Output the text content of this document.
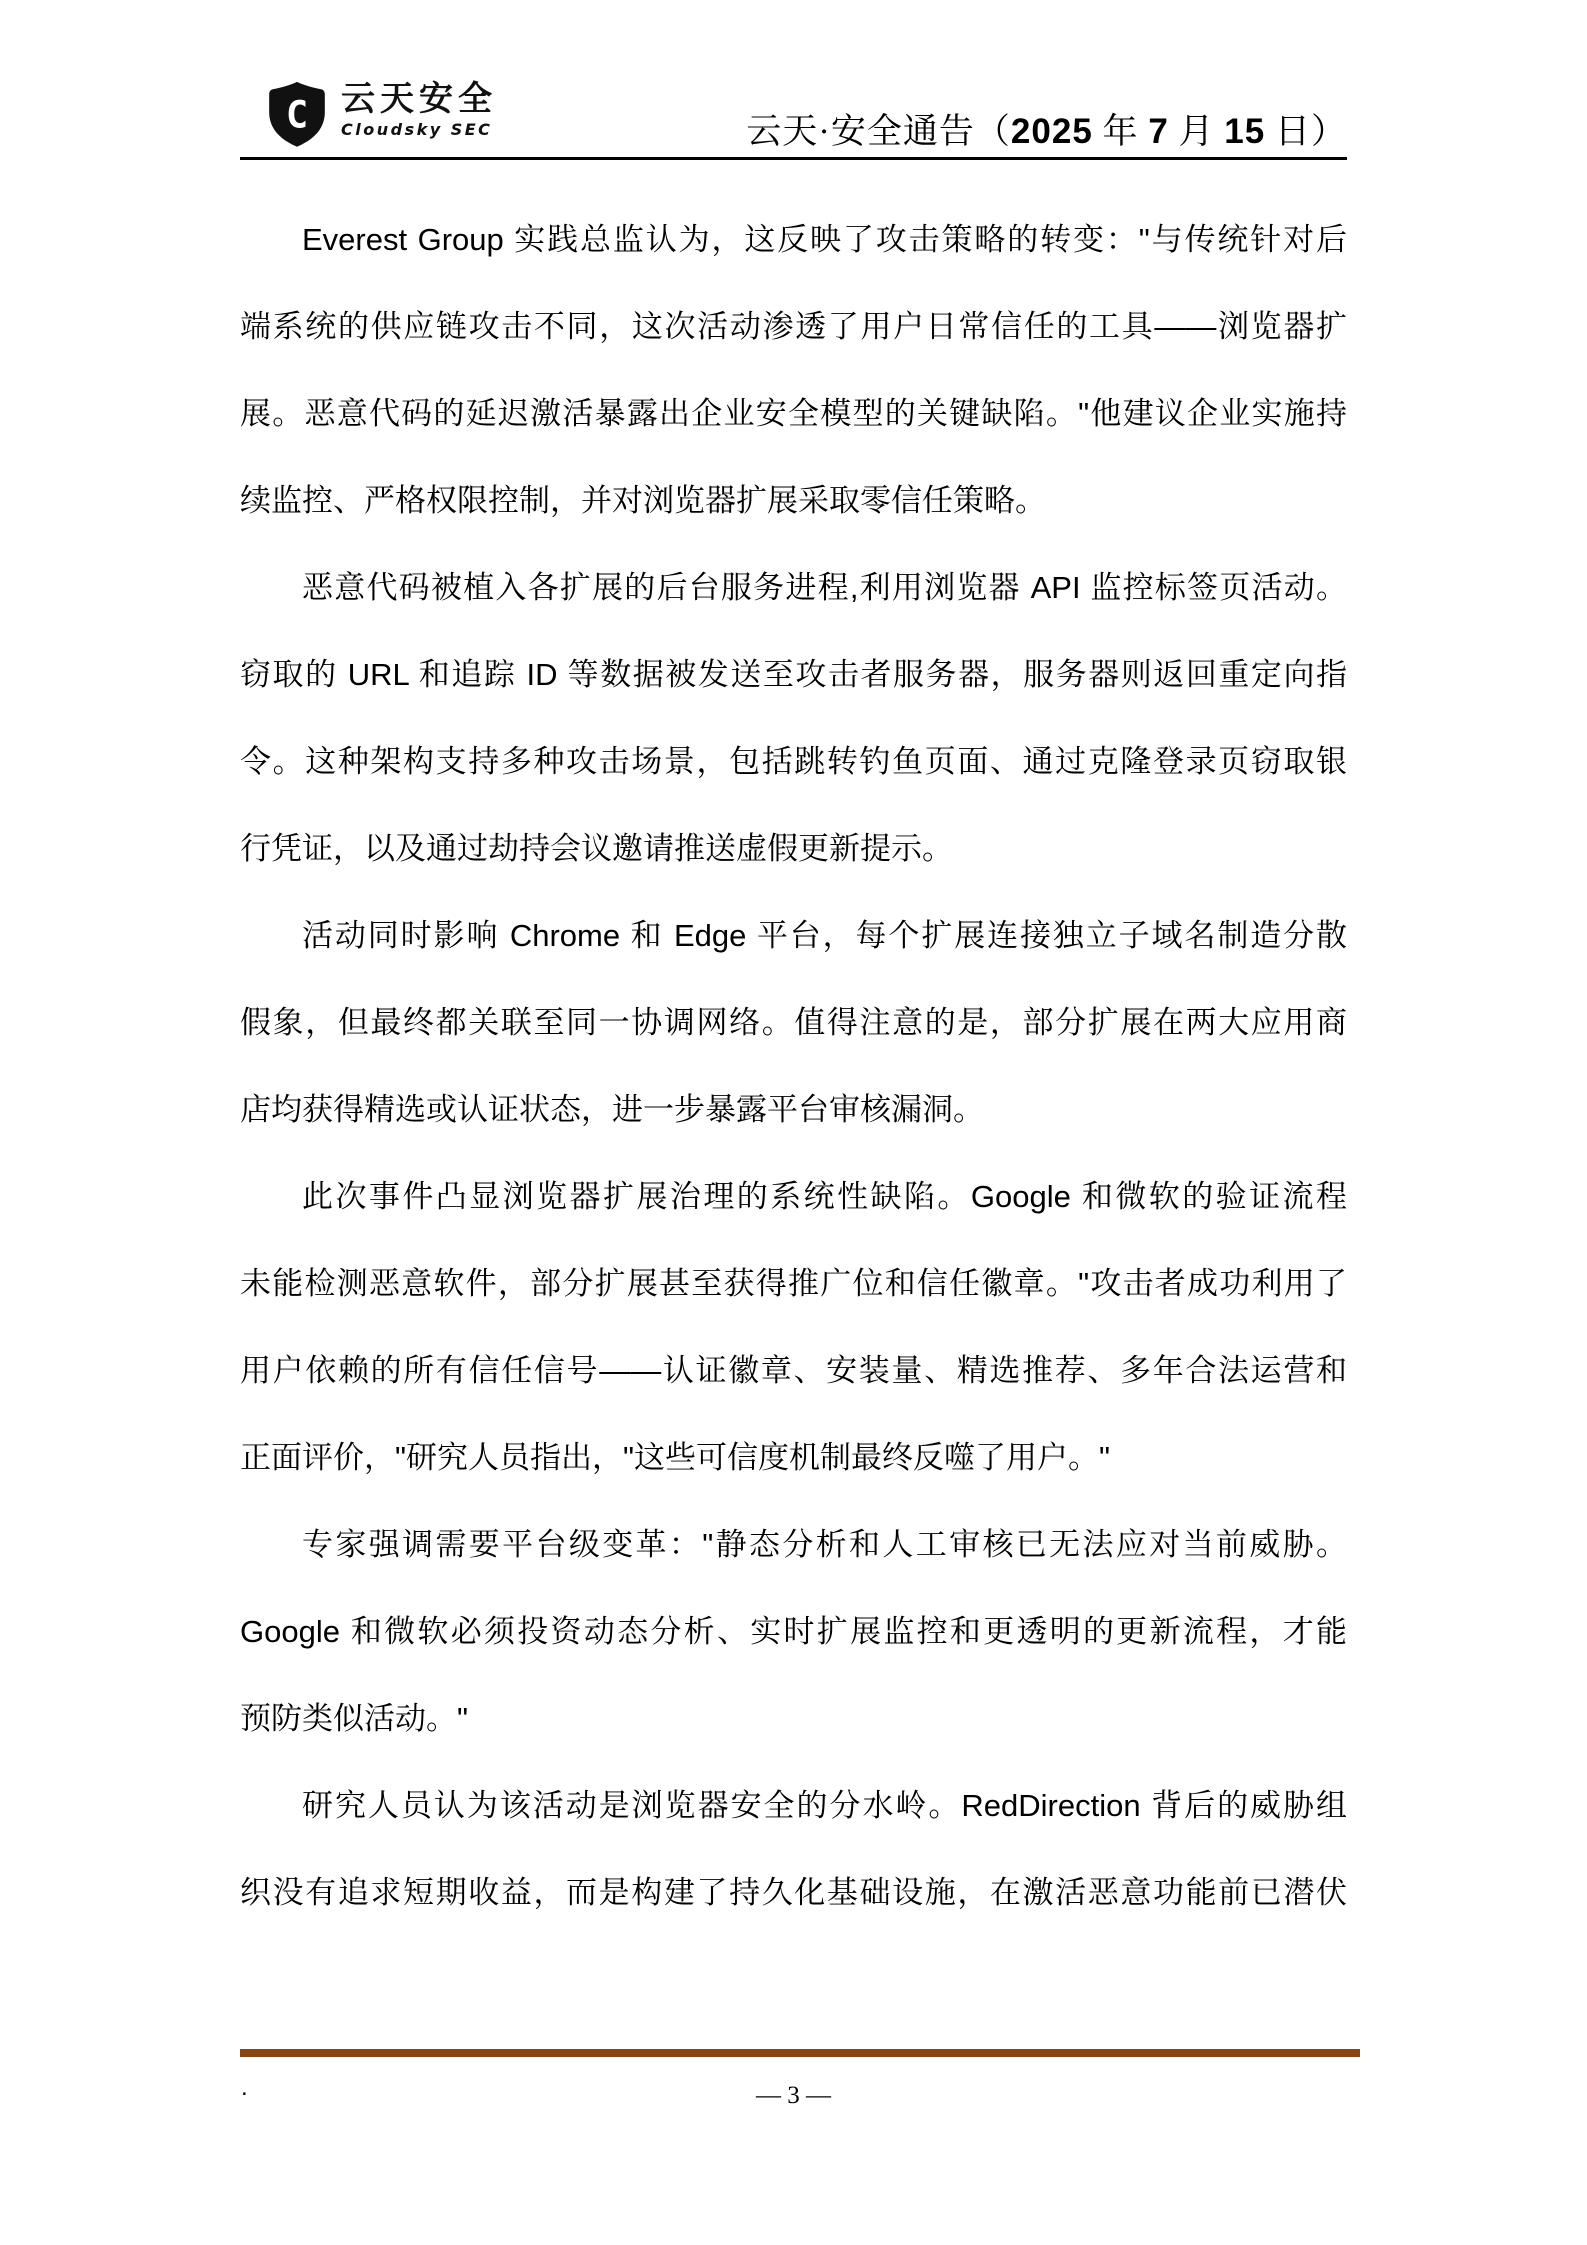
C 云天安全
Cloudsky SEC	云天·安全通告（2025 年 7 月 15 日）
Everest Group 实践总监认为，这反映了攻击策略的转变："与传统针对后
端系统的供应链攻击不同，这次活动渗透了用户日常信任的工具——浏览器扩
展。恶意代码的延迟激活暴露出企业安全模型的关键缺陷。"他建议企业实施持
续监控、严格权限控制，并对浏览器扩展采取零信任策略。
恶意代码被植入各扩展的后台服务进程,利用浏览器 API 监控标签页活动。
窃取的 URL 和追踪 ID 等数据被发送至攻击者服务器，服务器则返回重定向指
令。这种架构支持多种攻击场景，包括跳转钓鱼页面、通过克隆登录页窃取银
行凭证，以及通过劫持会议邀请推送虚假更新提示。
活动同时影响 Chrome 和 Edge 平台，每个扩展连接独立子域名制造分散
假象，但最终都关联至同一协调网络。值得注意的是，部分扩展在两大应用商
店均获得精选或认证状态，进一步暴露平台审核漏洞。
此次事件凸显浏览器扩展治理的系统性缺陷。Google 和微软的验证流程
未能检测恶意软件，部分扩展甚至获得推广位和信任徽章。"攻击者成功利用了
用户依赖的所有信任信号——认证徽章、安装量、精选推荐、多年合法运营和
正面评价，"研究人员指出，"这些可信度机制最终反噬了用户。"
专家强调需要平台级变革："静态分析和人工审核已无法应对当前威胁。
Google 和微软必须投资动态分析、实时扩展监控和更透明的更新流程，才能
预防类似活动。"
研究人员认为该活动是浏览器安全的分水岭。RedDirection 背后的威胁组
织没有追求短期收益，而是构建了持久化基础设施，在激活恶意功能前已潜伏
.	— 3 —
